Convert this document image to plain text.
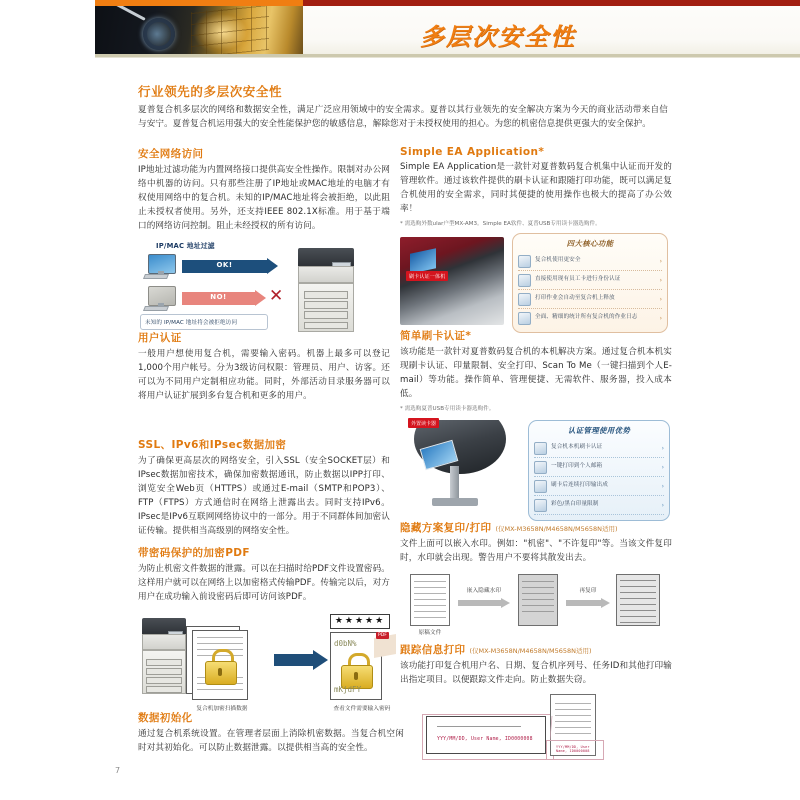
多层次安全性
行业领先的多层次安全性
夏普复合机多层次的网络和数据安全性，满足广泛应用领域中的安全需求。夏普以其行业领先的安全解决方案为今天的商业活动带来自信与安宁。夏普复合机运用强大的安全性能保护您的敏感信息，解除您对于未授权使用的担心。为您的机密信息提供更强大的安全保护。
安全网络访问
IP地址过滤功能为内置网络接口提供高安全性操作。限制对办公网络中机器的访问。只有那些注册了IP地址或MAC地址的电脑才有权使用网络中的复合机。未知的IP/MAC地址将会被拒绝，以此阻止未授权者使用。另外，还支持IEEE 802.1X标准。用于基于端口的网络访问控制。阻止未经授权的所有访问。
IP/MAC 地址过滤
OK!
NO!	✕
未知的 IP/MAC 地址将会被拒绝访问
用户认证
一般用户想使用复合机，需要输入密码。机器上最多可以登记1,000个用户帐号。分为3级访问权限：管理员、用户、访客。还可以为不同用户定制相应功能。同时，外部活动目录服务器可以将用户认证扩展到多台复合机和更多的用户。
SSL、IPv6和IPsec数据加密
为了确保更高层次的网络安全，引入SSL（安全SOCKET层）和IPsec数据加密技术，确保加密数据通讯，防止数据以IPP打印、浏览安全Web页（HTTPS）或通过E-mail（SMTP和POP3）、FTP（FTPS）方式通信时在网络上泄露出去。同时支持IPv6。IPsec是IPv6互联网网络协议中的一部分。用于不同群体间加密认证传输。提供相当高级别的网络安全性。
带密码保护的加密PDF
为防止机密文件数据的泄露。可以在扫描时给PDF文件设置密码。这样用户就可以在网络上以加密格式传输PDF。传输完以后，对方用户在成功输入前设密码后即可访问该PDF。
复合机加密扫描数据
★★★★★
d0bN%
mKjdFY
PDF
查看文件需要输入密码
数据初始化
通过复合机系统设置。在管理者层面上消除机密数据。当复合机空闲时对其初始化。可以防止数据泄露。以提供相当高的安全性。
Simple EA Application*
Simple EA Application是一款针对夏普数码复合机集中认证而开发的管理软件。通过该软件提供的刷卡认证和跟随打印功能，既可以满足复合机使用的安全需求，同时其便捷的使用操作也极大的提高了办公效率！
* 需选购外数ular户型MX-AM3。Simple EA软件、夏普USB专用读卡器选购件。
刷卡认证一体机
四大核心功能
复合机使用更安全	›
直接使用现有员工卡进行身份认证	›
打印作业会自动至复合机上释放	›
全面、精细的统计所有复合机的作业日志	›
简单刷卡认证*
该功能是一款针对夏普数码复合机的本机解决方案。通过复合机本机实现刷卡认证、印量限制、安全打印、Scan To Me（一键扫描到个人E-mail）等功能。操作简单、管理便捷、无需软件、服务器，投入成本低。
* 需选购夏普USB专用读卡器选购件。
外置读卡器
认证管理使用优势
复合机本机刷卡认证	›
一键打印到个人邮箱	›
刷卡后连续打印输出成	›
彩色/黑白印量限制	›
隐藏方案复印/打印 (仅MX-M3658N/M4658N/M5658N适用)
文件上面可以嵌入水印。例如："机密"、"不许复印"等。当该文件复印时，水印就会出现。警告用户不要将其散发出去。
原稿文件
嵌入隐藏水印	再复印
跟踪信息打印 (仅MX-M3658N/M4658N/M5658N适用)
该功能打印复合机用户名、日期、复合机序列号、任务ID和其他打印输出指定项目。以便跟踪文件走向。防止数据失窃。
YYY/MM/DD, User Name, ID0000008
YYY/MM/DD, User Name, ID0000008
7
